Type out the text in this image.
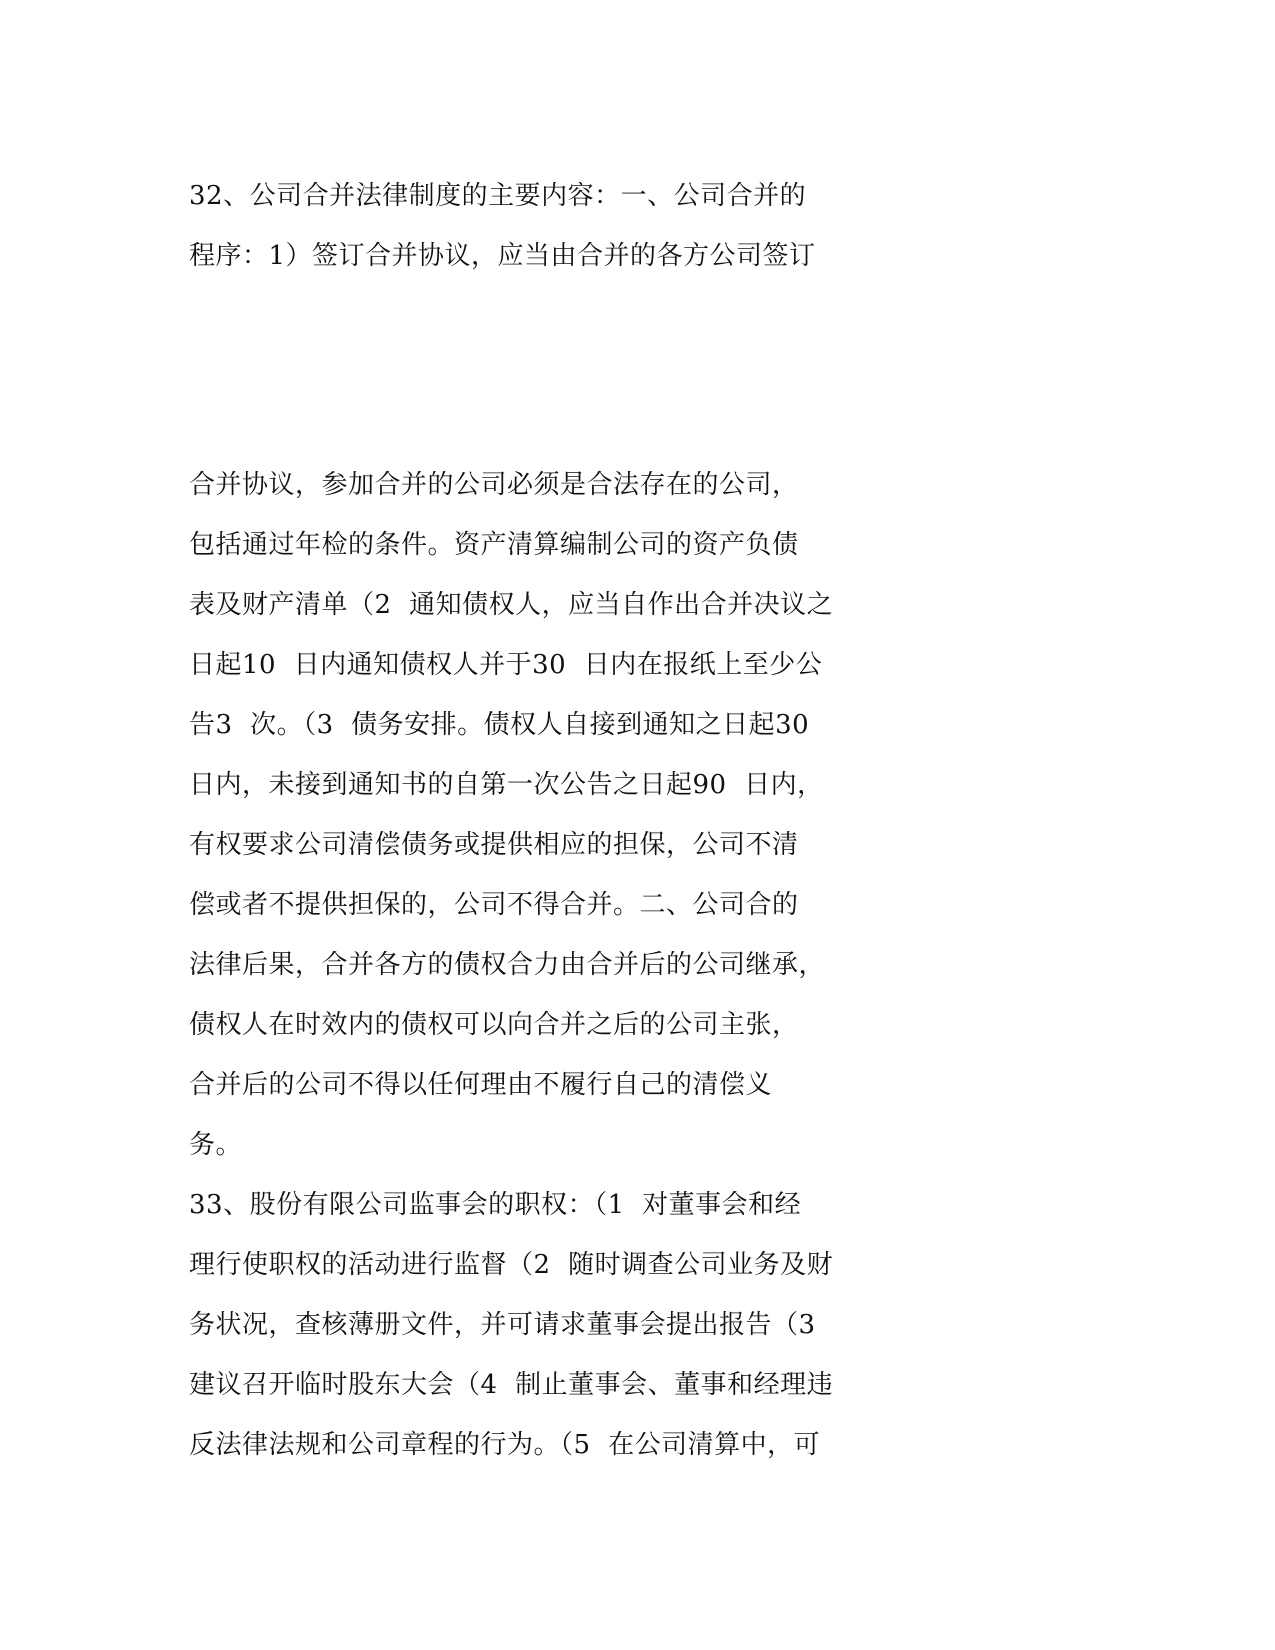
32、公司合并法律制度的主要内容：一、公司合并的

程序：1）签订合并协议，应当由合并的各方公司签订

合并协议，参加合并的公司必须是合法存在的公司，

包括通过年检的条件。资产清算编制公司的资产负债

表及财产清单（2  通知债权人，应当自作出合并决议之

日起10  日内通知债权人并于30  日内在报纸上至少公

告3  次。（3  债务安排。债权人自接到通知之日起30

日内，未接到通知书的自第一次公告之日起90  日内，

有权要求公司清偿债务或提供相应的担保，公司不清

偿或者不提供担保的，公司不得合并。二、公司合的

法律后果，合并各方的债权合力由合并后的公司继承，

债权人在时效内的债权可以向合并之后的公司主张，

合并后的公司不得以任何理由不履行自己的清偿义

务。

33、股份有限公司监事会的职权：（1  对董事会和经

理行使职权的活动进行监督（2  随时调查公司业务及财

务状况，查核薄册文件，并可请求董事会提出报告（3

建议召开临时股东大会（4  制止董事会、董事和经理违

反法律法规和公司章程的行为。（5  在公司清算中，可
